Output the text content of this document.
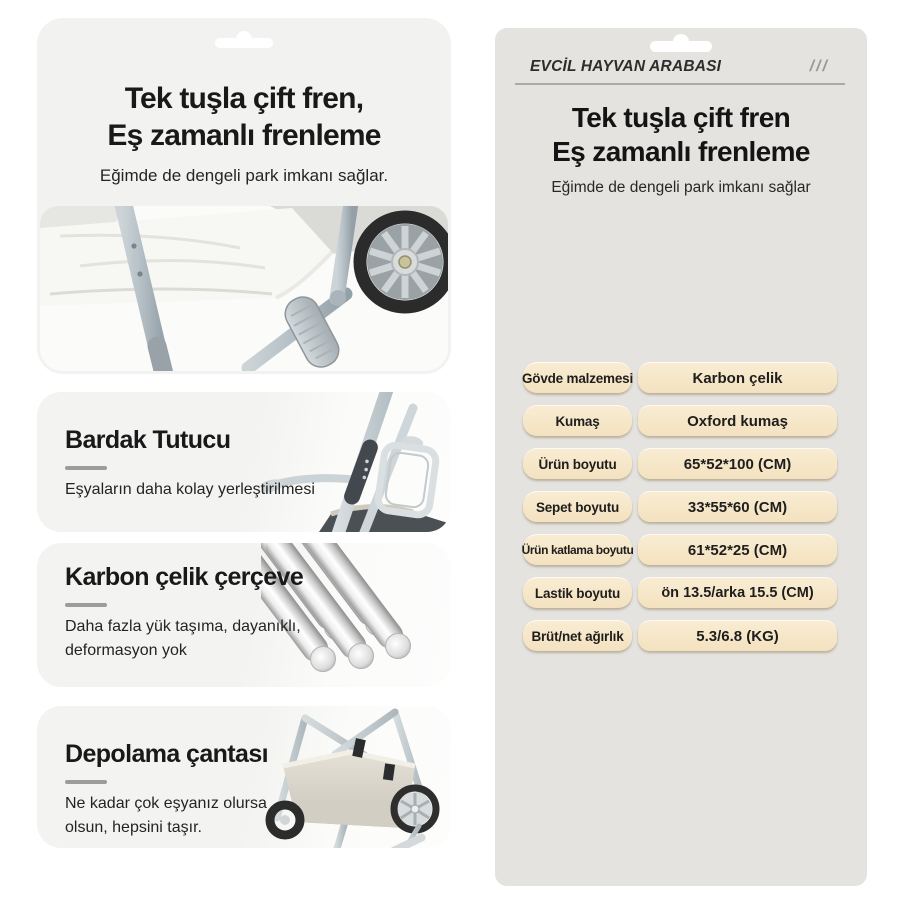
Tek tuşla çift fren,
Eş zamanlı frenleme

Eğimde de dengeli park imkanı sağlar.

Bardak Tutucu

Eşyaların daha kolay yerleştirilmesi

Karbon çelik çerçeve

Daha fazla yük taşıma, dayanıklı,
deformasyon yok

Depolama çantası

Ne kadar çok eşyanız olursa
olsun, hepsini taşır.

EVCİL HAYVAN ARABASI	///
Tek tuşla çift fren
Eş zamanlı frenleme

Eğimde de dengeli park imkanı sağlar

Gövde malzemesi	Karbon çelik
Kumaş	Oxford kumaş
Ürün boyutu	65*52*100 (CM)
Sepet boyutu	33*55*60 (CM)
Ürün katlama boyutu	61*52*25 (CM)
Lastik boyutu	ön 13.5/arka 15.5 (CM)
Brüt/net ağırlık	5.3/6.8 (KG)
